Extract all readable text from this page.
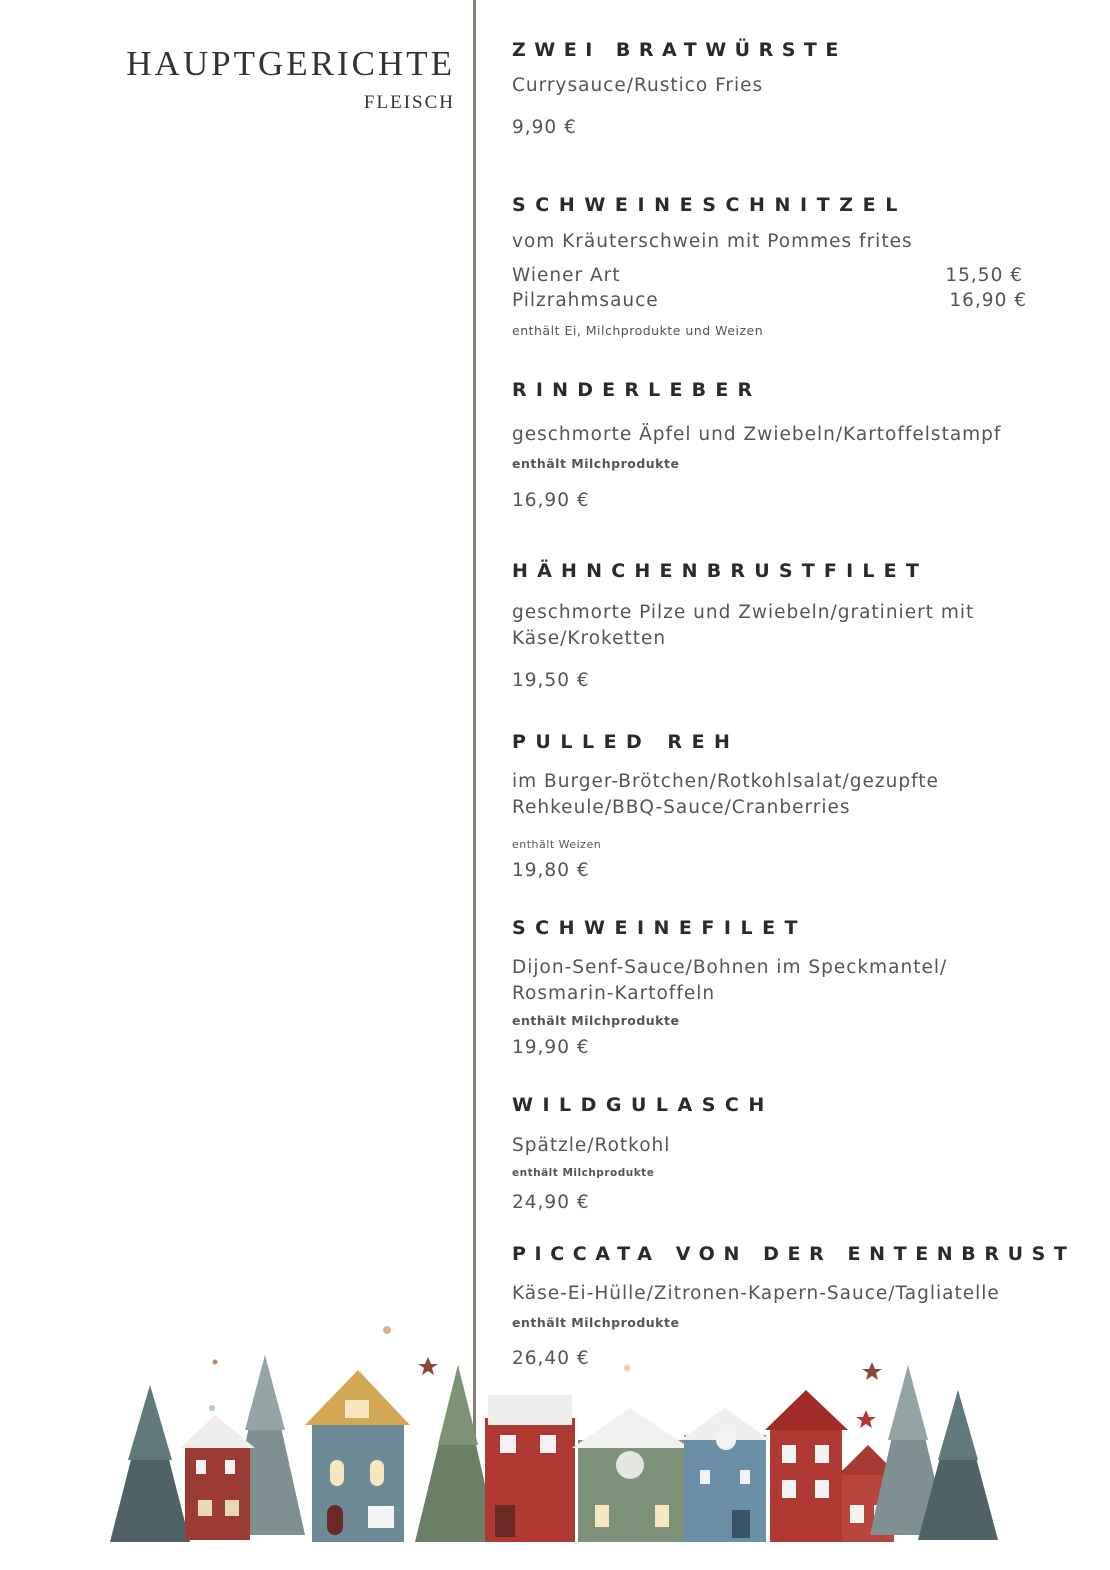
HAUPTGERICHTE
FLEISCH
ZWEI BRATWÜRSTE
Currysauce/Rustico Fries
9,90 €
SCHWEINESCHNITZEL
vom Kräuterschwein mit Pommes frites
Wiener Art	15,50 €
Pilzrahmsauce	16,90 €
enthält Ei, Milchprodukte und Weizen
RINDERLEBER
geschmorte Äpfel und Zwiebeln/Kartoffelstampf
enthält Milchprodukte
16,90 €
HÄHNCHENBRUSTFILET
geschmorte Pilze und Zwiebeln/gratiniert mit Käse/Kroketten
19,50 €
PULLED REH
im Burger-Brötchen/Rotkohlsalat/gezupfte Rehkeule/BBQ-Sauce/Cranberries
enthält Weizen
19,80 €
SCHWEINEFILET
Dijon-Senf-Sauce/Bohnen im Speckmantel/ Rosmarin-Kartoffeln
enthält Milchprodukte
19,90 €
WILDGULASCH
Spätzle/Rotkohl
enthält Milchprodukte
24,90 €
PICCATA VON DER ENTENBRUST
Käse-Ei-Hülle/Zitronen-Kapern-Sauce/Tagliatelle
enthält Milchprodukte
26,40 €
